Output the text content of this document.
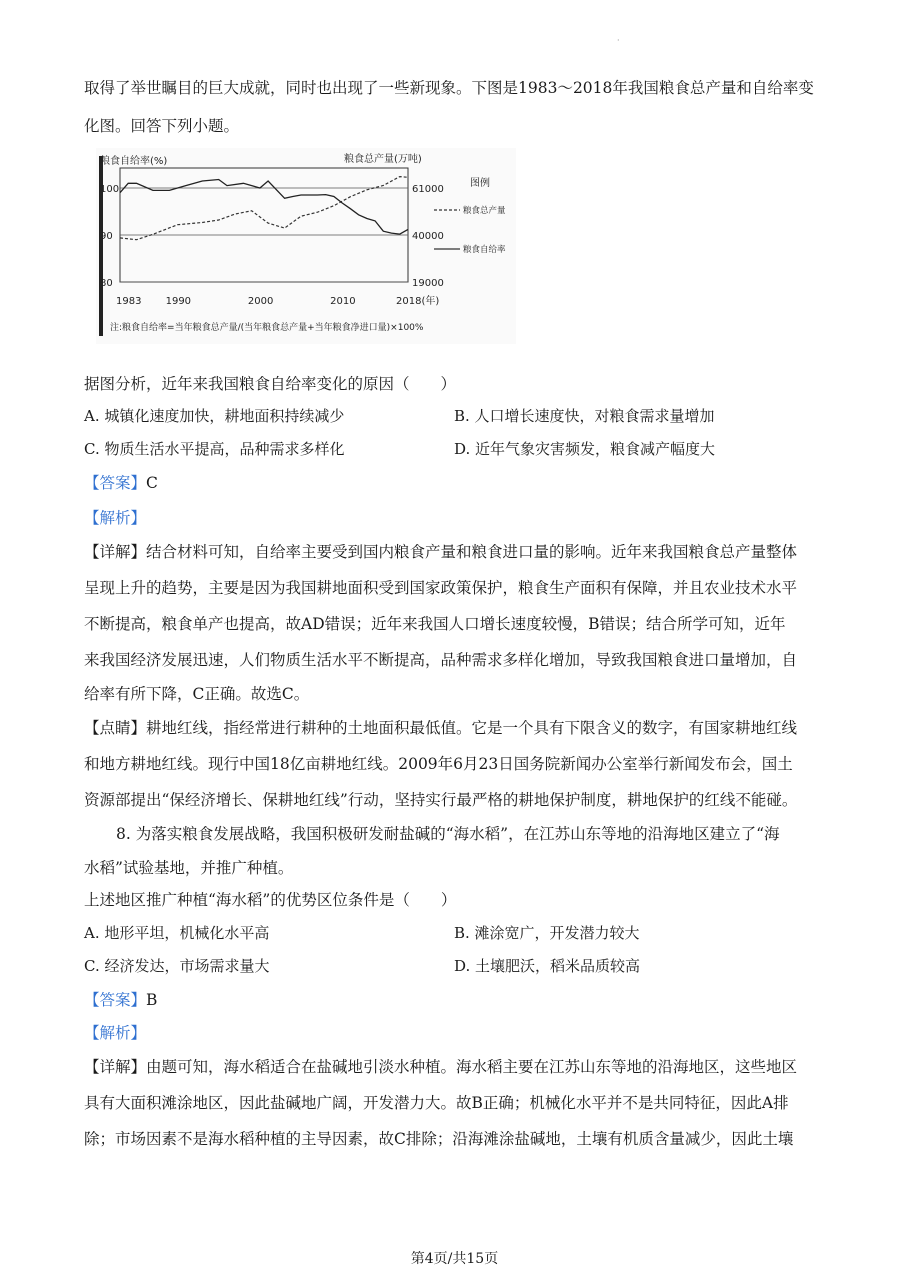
·
取得了举世瞩目的巨大成就，同时也出现了一些新现象。下图是1983～2018年我国粮食总产量和自给率变
化图。回答下列小题。
粮食自给率(%)	粮食总产量(万吨)
100
90
80
61000
40000
19000
1983 1990	2000	2010	2018(年)
图例
粮食总产量
粮食自给率
注:粮食自给率=当年粮食总产量/(当年粮食总产量+当年粮食净进口量)×100%
据图分析，近年来我国粮食自给率变化的原因（　　）
A. 城镇化速度加快，耕地面积持续减少	B. 人口增长速度快，对粮食需求量增加
C. 物质生活水平提高，品种需求多样化	D. 近年气象灾害频发，粮食减产幅度大
【答案】C
【解析】
【详解】结合材料可知，自给率主要受到国内粮食产量和粮食进口量的影响。近年来我国粮食总产量整体
呈现上升的趋势，主要是因为我国耕地面积受到国家政策保护，粮食生产面积有保障，并且农业技术水平
不断提高，粮食单产也提高，故AD错误；近年来我国人口增长速度较慢，B错误；结合所学可知，近年
来我国经济发展迅速，人们物质生活水平不断提高，品种需求多样化增加，导致我国粮食进口量增加，自
给率有所下降，C正确。故选C。
【点睛】耕地红线，指经常进行耕种的土地面积最低值。它是一个具有下限含义的数字，有国家耕地红线
和地方耕地红线。现行中国18亿亩耕地红线。2009年6月23日国务院新闻办公室举行新闻发布会，国土
资源部提出“保经济增长、保耕地红线”行动，坚持实行最严格的耕地保护制度，耕地保护的红线不能碰。
8. 为落实粮食发展战略，我国积极研发耐盐碱的“海水稻”，在江苏山东等地的沿海地区建立了“海
水稻”试验基地，并推广种植。
上述地区推广种植“海水稻”的优势区位条件是（　　）
A. 地形平坦，机械化水平高	B. 滩涂宽广，开发潜力较大
C. 经济发达，市场需求量大	D. 土壤肥沃，稻米品质较高
【答案】B
【解析】
【详解】由题可知，海水稻适合在盐碱地引淡水种植。海水稻主要在江苏山东等地的沿海地区，这些地区
具有大面积滩涂地区，因此盐碱地广阔，开发潜力大。故B正确；机械化水平并不是共同特征，因此A排
除；市场因素不是海水稻种植的主导因素，故C排除；沿海滩涂盐碱地，土壤有机质含量减少，因此土壤
第4页/共15页
